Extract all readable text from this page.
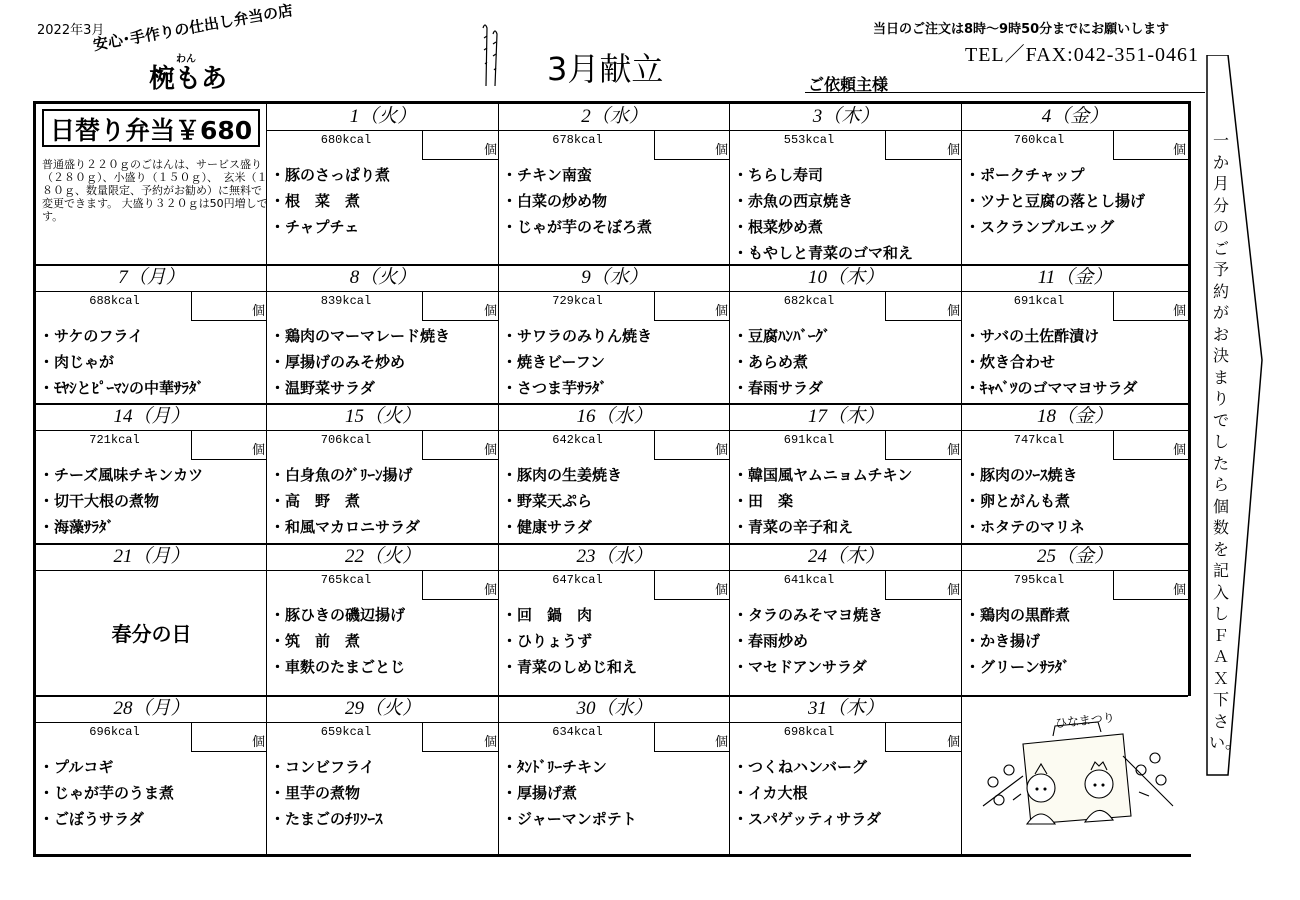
2022年3月
安心･手作りの仕出し弁当の店
わん
椀もあ	3月献立
当日のご注文は8時～9時50分までにお願いします
TEL／FAX:042-351-0461
ご依頼主様
日替り弁当￥680
普通盛り２２０ｇのごはんは、サービス盛り（２８０ｇ）、小盛り（１５０ｇ）、　玄米（１８０ｇ、数量限定、予約がお勧め）に無料で変更できます。 大盛り３２０ｇは50円増しです。
ひなまつり
1（火）
680kcal
個
・豚のさっぱり煮
・根　菜　煮
・チャプチェ
2（水）
678kcal
個
・チキン南蛮
・白菜の炒め物
・じゃが芋のそぼろ煮
3（木）
553kcal
個
・ちらし寿司
・赤魚の西京焼き
・根菜炒め煮
・もやしと青菜のゴマ和え
4（金）
760kcal
個
・ポークチャップ
・ツナと豆腐の落とし揚げ
・スクランブルエッグ
7（月）
688kcal
個
・サケのフライ
・肉じゃが
・ﾓﾔｼとﾋﾟｰﾏﾝの中華ｻﾗﾀﾞ
8（火）
839kcal
個
・鶏肉のマーマレード焼き
・厚揚げのみそ炒め
・温野菜サラダ
9（水）
729kcal
個
・サワラのみりん焼き
・焼きビーフン
・さつま芋ｻﾗﾀﾞ
10（木）
682kcal
個
・豆腐ﾊﾝﾊﾞｰｸﾞ
・あらめ煮
・春雨サラダ
11（金）
691kcal
個
・サバの土佐酢漬け
・炊き合わせ
・ｷｬﾍﾞﾂのゴママヨサラダ
14（月）
721kcal
個
・チーズ風味チキンカツ
・切干大根の煮物
・海藻ｻﾗﾀﾞ
15（火）
706kcal
個
・白身魚のｸﾞﾘｰﾝ揚げ
・高　野　煮
・和風マカロニサラダ
16（水）
642kcal
個
・豚肉の生姜焼き
・野菜天ぷら
・健康サラダ
17（木）
691kcal
個
・韓国風ヤムニョムチキン
・田　楽
・青菜の辛子和え
18（金）
747kcal
個
・豚肉のｿｰｽ焼き
・卵とがんも煮
・ホタテのマリネ
21（月）
春分の日
22（火）
765kcal
個
・豚ひきの磯辺揚げ
・筑　前　煮
・車麩のたまごとじ
23（水）
647kcal
個
・回　鍋　肉
・ひりょうず
・青菜のしめじ和え
24（木）
641kcal
個
・タラのみそマヨ焼き
・春雨炒め
・マセドアンサラダ
25（金）
795kcal
個
・鶏肉の黒酢煮
・かき揚げ
・グリーンｻﾗﾀﾞ
28（月）
696kcal
個
・プルコギ
・じゃが芋のうま煮
・ごぼうサラダ
29（火）
659kcal
個
・コンビフライ
・里芋の煮物
・たまごのﾁﾘｿｰｽ
30（水）
634kcal
個
・ﾀﾝﾄﾞﾘｰチキン
・厚揚げ煮
・ジャーマンポテト
31（木）
698kcal
個
・つくねハンバーグ
・イカ大根
・スパゲッティサラダ
一か月分のご予約がお決まりでしたら個数を記入しＦＡＸ下さい。
